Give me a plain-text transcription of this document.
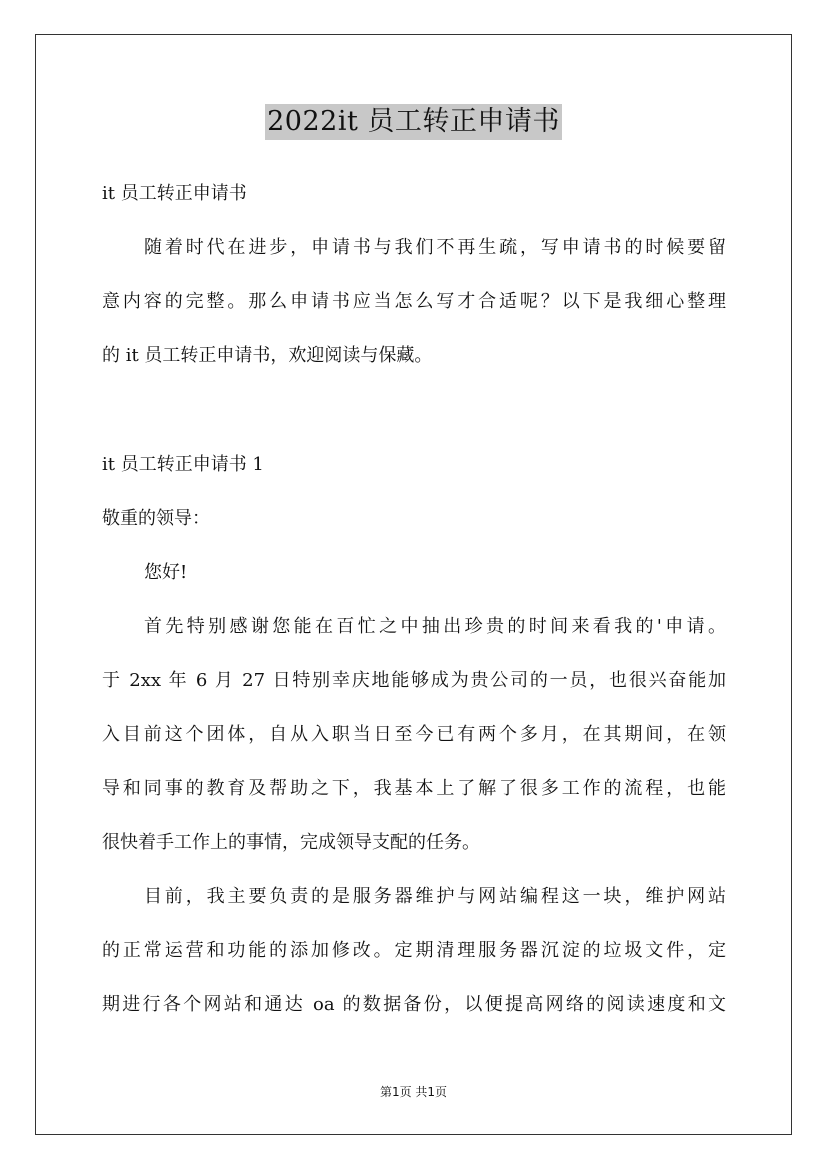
2022it 员工转正申请书
it 员工转正申请书
随着时代在进步，申请书与我们不再生疏，写申请书的时候要留
意内容的完整。那么申请书应当怎么写才合适呢？以下是我细心整理
的 it 员工转正申请书，欢迎阅读与保藏。
it 员工转正申请书 1
敬重的领导：
您好!
首先特别感谢您能在百忙之中抽出珍贵的时间来看我的'申请。
于 2xx 年 6 月 27 日特别幸庆地能够成为贵公司的一员，也很兴奋能加
入目前这个团体，自从入职当日至今已有两个多月，在其期间，在领
导和同事的教育及帮助之下，我基本上了解了很多工作的流程，也能
很快着手工作上的事情，完成领导支配的任务。
目前，我主要负责的是服务器维护与网站编程这一块，维护网站
的正常运营和功能的添加修改。定期清理服务器沉淀的垃圾文件，定
期进行各个网站和通达 oa 的数据备份，以便提高网络的阅读速度和文
第1页 共1页
